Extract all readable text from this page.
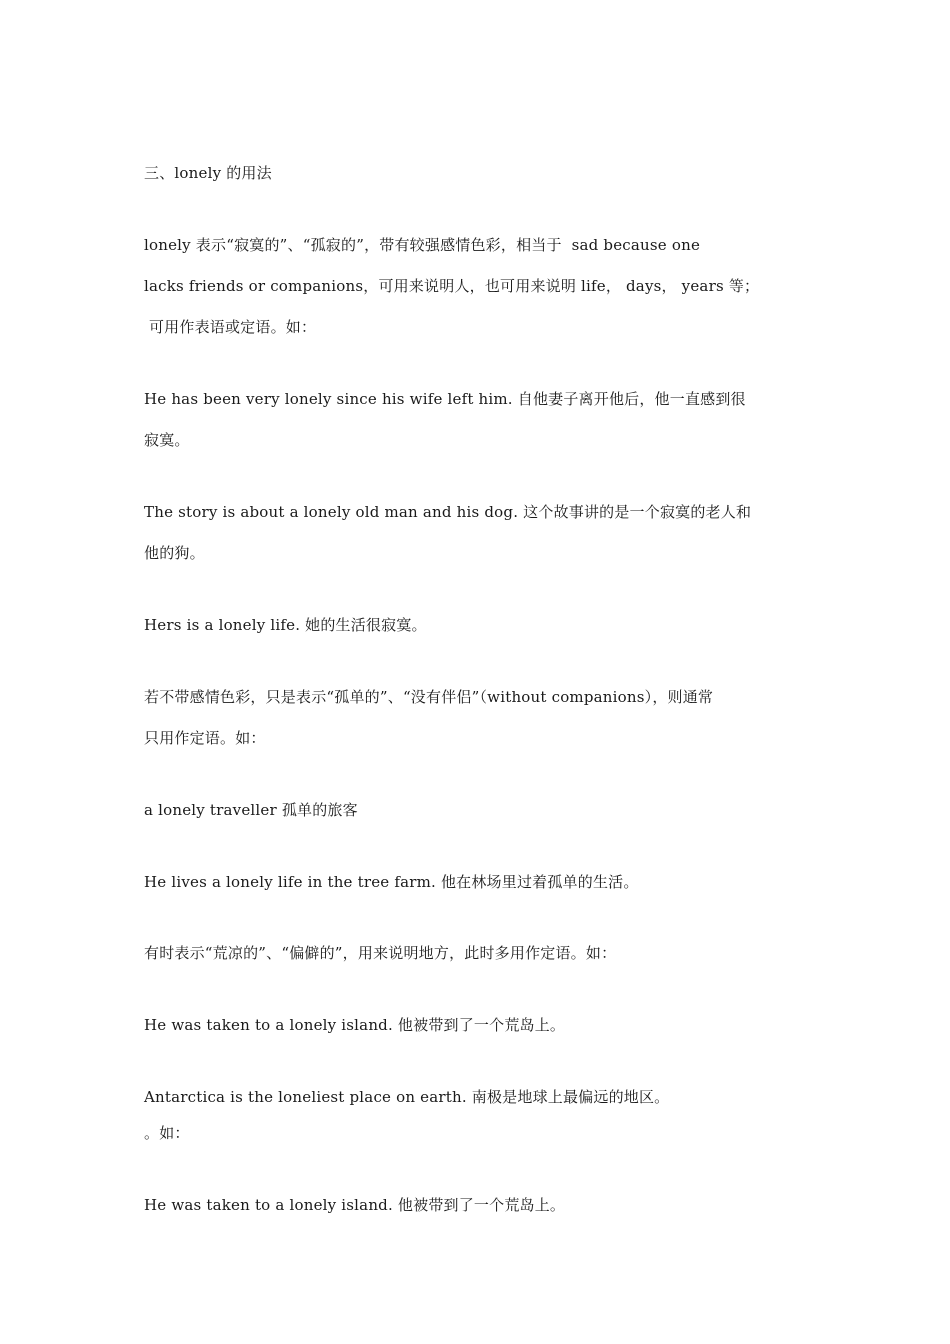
三、lonely 的用法
lonely 表示“寂寞的”、“孤寂的”，带有较强感情色彩，相当于  sad because one
lacks friends or companions，可用来说明人，也可用来说明 life， days， years 等；
可用作表语或定语。如：
He has been very lonely since his wife left him. 自他妻子离开他后，他一直感到很
寂寞。
The story is about a lonely old man and his dog. 这个故事讲的是一个寂寞的老人和
他的狗。
Hers is a lonely life. 她的生活很寂寞。
若不带感情色彩，只是表示“孤单的”、“没有伴侣”（without companions），则通常
只用作定语。如：
a lonely traveller 孤单的旅客
He lives a lonely life in the tree farm. 他在林场里过着孤单的生活。
有时表示“荒凉的”、“偏僻的”，用来说明地方，此时多用作定语。如：
He was taken to a lonely island. 他被带到了一个荒岛上。
Antarctica is the loneliest place on earth. 南极是地球上最偏远的地区。
。如：
He was taken to a lonely island. 他被带到了一个荒岛上。
